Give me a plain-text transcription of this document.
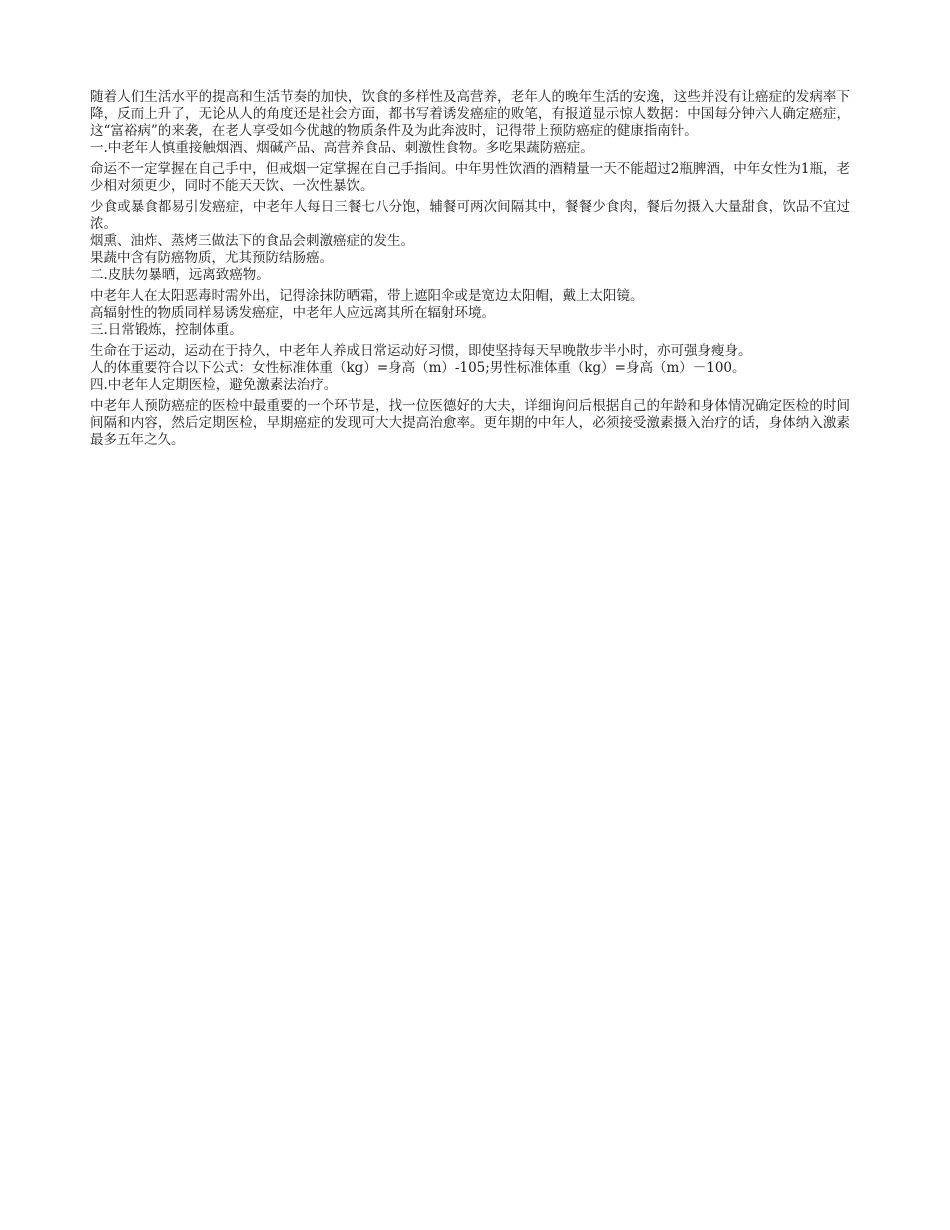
随着人们生活水平的提高和生活节奏的加快，饮食的多样性及高营养，老年人的晚年生活的安逸，这些并没有让癌症的发病率下降，反而上升了，无论从人的角度还是社会方面，都书写着诱发癌症的败笔，有报道显示惊人数据：中国每分钟六人确定癌症，这“富裕病”的来袭，在老人享受如今优越的物质条件及为此奔波时，记得带上预防癌症的健康指南针。

一.中老年人慎重接触烟酒、烟碱产品、高营养食品、刺激性食物。多吃果蔬防癌症。

命运不一定掌握在自己手中，但戒烟一定掌握在自己手指间。中年男性饮酒的酒精量一天不能超过2瓶脾酒，中年女性为1瓶，老少相对须更少，同时不能天天饮、一次性暴饮。

少食或暴食都易引发癌症，中老年人每日三餐七八分饱，辅餐可两次间隔其中，餐餐少食肉，餐后勿摄入大量甜食，饮品不宜过浓。

烟熏、油炸、蒸烤三做法下的食品会刺激癌症的发生。

果蔬中含有防癌物质，尤其预防结肠癌。

二.皮肤勿暴晒，远离致癌物。

中老年人在太阳恶毒时需外出，记得涂抹防晒霜，带上遮阳伞或是宽边太阳帽，戴上太阳镜。

高辐射性的物质同样易诱发癌症，中老年人应远离其所在辐射环境。

三.日常锻炼，控制体重。

生命在于运动，运动在于持久，中老年人养成日常运动好习惯，即使坚持每天早晚散步半小时，亦可强身瘦身。

人的体重要符合以下公式：女性标准体重（kg）=身高（m）-105;男性标准体重（kg）=身高（m）－100。

四.中老年人定期医检，避免激素法治疗。

中老年人预防癌症的医检中最重要的一个环节是，找一位医德好的大夫，详细询问后根据自己的年龄和身体情况确定医检的时间间隔和内容，然后定期医检，早期癌症的发现可大大提高治愈率。更年期的中年人，必须接受激素摄入治疗的话，身体纳入激素最多五年之久。
